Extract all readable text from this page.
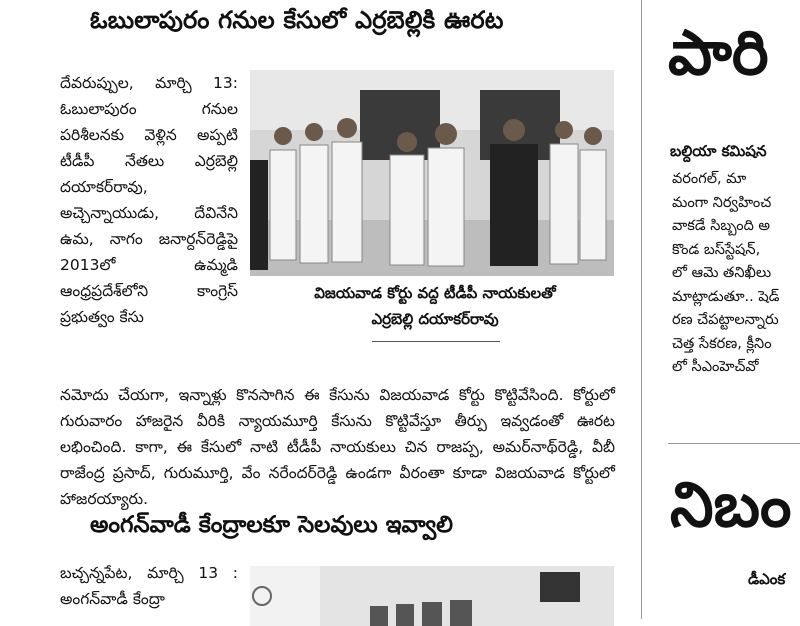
ఓబులాపురం గనుల కేసులో ఎర్రబెల్లికి ఊరట
దేవరుప్పుల, మార్చి 13: ఓబులాపురం గనుల పరిశీలనకు వెళ్లిన అప్పటి టీడీపీ నేతలు ఎర్రబెల్లి దయాకర్‌రావు, అచ్చెన్నాయుడు, దేవినేని ఉమ, నాగం జనార్దన్‌రెడ్డిపై 2013లో ఉమ్మడి ఆంధ్రప్రదేశ్‌లోని కాంగ్రెస్ ప్రభుత్వం కేసు
విజయవాడ కోర్టు వద్ద టీడీపీ నాయకులతో
ఎర్రబెల్లి దయాకర్‌రావు
నమోదు చేయగా, ఇన్నాళ్లు కొనసాగిన ఈ కేసును విజయవాడ కోర్టు కొట్టివేసింది. కోర్టులో గురువారం హాజరైన వీరికి న్యాయమూర్తి కేసును కొట్టివేస్తూ తీర్పు ఇవ్వడంతో ఊరట లభించింది. కాగా, ఈ కేసులో నాటి టీడీపీ నాయకులు చిన రాజప్ప, అమర్‌నాథ్‌రెడ్డి, వీబీ రాజేంద్ర ప్రసాద్, గురుమూర్తి, వేం నరేందర్‌రెడ్డి ఉండగా వీరంతా కూడా విజయవాడ కోర్టులో హాజరయ్యారు.
అంగన్‌వాడీ కేంద్రాలకూ సెలవులు ఇవ్వాలి
బచ్చన్నపేట, మార్చి 13 : అంగన్‌వాడీ కేంద్రా
పారి
బల్దియా కమిషన
వరంగల్, మా
మంగా నిర్వహించ
వాకడే సిబ్బంది అ
కొండ బస్‌స్టేషన్,
లో ఆమె తనిఖీలు
మాట్లాడుతూ.. షెడ్
రణ చేపట్టాలన్నారు
చెత్త సేకరణ, క్లీనిం
లో సీఎంహెచ్‌వో
నిబం
డీఎంక
